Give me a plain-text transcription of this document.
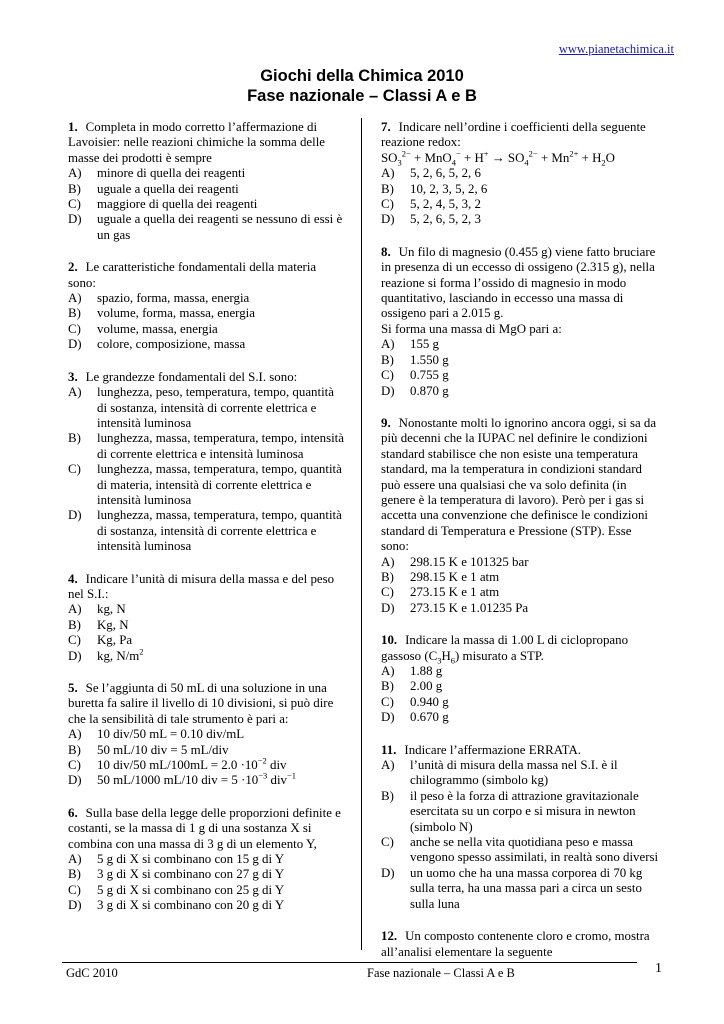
www.pianetachimica.it
Giochi della Chimica 2010
Fase nazionale – Classi A e B

1. Completa in modo corretto l’affermazione di Lavoisier: nelle reazioni chimiche la somma delle masse dei prodotti è sempre

A)	minore di quella dei reagenti
B)	uguale a quella dei reagenti
C)	maggiore di quella dei reagenti
D)	uguale a quella dei reagenti se nessuno di essi è un gas

2. Le caratteristiche fondamentali della materia sono:

A)	spazio, forma, massa, energia
B)	volume, forma, massa, energia
C)	volume, massa, energia
D)	colore, composizione, massa

3. Le grandezze fondamentali del S.I. sono:

A)	lunghezza, peso, temperatura, tempo, quantità di sostanza, intensità di corrente elettrica e intensità luminosa
B)	lunghezza, massa, temperatura, tempo, intensità di corrente elettrica e intensità luminosa
C)	lunghezza, massa, temperatura, tempo, quantità di materia, intensità di corrente elettrica e intensità luminosa
D)	lunghezza, massa, temperatura, tempo, quantità di sostanza, intensità di corrente elettrica e intensità luminosa

4. Indicare l’unità di misura della massa e del peso nel S.I.:

A)	kg, N
B)	Kg, N
C)	Kg, Pa
D)	kg, $N/m^2$

5. Se l’aggiunta di 50 mL di una soluzione in una buretta fa salire il livello di 10 divisioni, si può dire che la sensibilità di tale strumento è pari a:

A)	10 div/50 mL = 0.10 div/mL
B)	50 mL/10 div = 5 mL/div
C)	10 div/50 $mL/100mL = 2.0 \cdot 10^{-2}$ div
D)	50 mL/1000 mL/10 div = $5 \cdot 10^{-3}$ div$^{-1}$

6. Sulla base della legge delle proporzioni definite e costanti, se la massa di 1 g di una sostanza X si combina con una massa di 3 g di un elemento Y,

A)	5 g di X si combinano con 15 g di Y
B)	3 g di X si combinano con 27 g di Y
C)	5 g di X si combinano con 25 g di Y
D)	3 g di X si combinano con 20 g di Y

7. Indicare nell’ordine i coefficienti della seguente reazione redox:

$SO_3^{2-} + MnO_4^- + H^+ \to SO_4^{2-} + Mn^{2+} + H_2O$

A)	5, 2, 6, 5, 2, 6
B)	10, 2, 3, 5, 2, 6
C)	5, 2, 4, 5, 3, 2
D)	5, 2, 6, 5, 2, 3

8. Un filo di magnesio (0.455 g) viene fatto bruciare in presenza di un eccesso di ossigeno (2.315 g), nella reazione si forma l’ossido di magnesio in modo quantitativo, lasciando in eccesso una massa di ossigeno pari a 2.015 g.

Si forma una massa di MgO pari a:

A)	155 g
B)	1.550 g
C)	0.755 g
D)	0.870 g

9. Nonostante molti lo ignorino ancora oggi, si sa da più decenni che la IUPAC nel definire le condizioni standard stabilisce che non esiste una temperatura standard, ma la temperatura in condizioni standard può essere una qualsiasi che va solo definita (in genere è la temperatura di lavoro). Però per i gas si accetta una convenzione che definisce le condizioni standard di Temperatura e Pressione (STP). Esse sono:

A)	298.15 K e 101325 bar
B)	298.15 K e 1 atm
C)	273.15 K e 1 atm
D)	273.15 K e 1.01235 Pa

10. Indicare la massa di 1.00 L di ciclopropano gassoso $(C_3H_6)$ misurato a STP.

A)	1.88 g
B)	2.00 g
C)	0.940 g
D)	0.670 g

11. Indicare l’affermazione ERRATA.

A)	l’unità di misura della massa nel S.I. è il chilogrammo (simbolo kg)
B)	il peso è la forza di attrazione gravitazionale esercitata su un corpo e si misura in newton (simbolo N)
C)	anche se nella vita quotidiana peso e massa vengono spesso assimilati, in realtà sono diversi
D)	un uomo che ha una massa corporea di 70 kg sulla terra, ha una massa pari a circa un sesto sulla luna

12. Un composto contenente cloro e cromo, mostra all’analisi elementare la seguente

GdC 2010	Fase nazionale – Classi A e B	1
